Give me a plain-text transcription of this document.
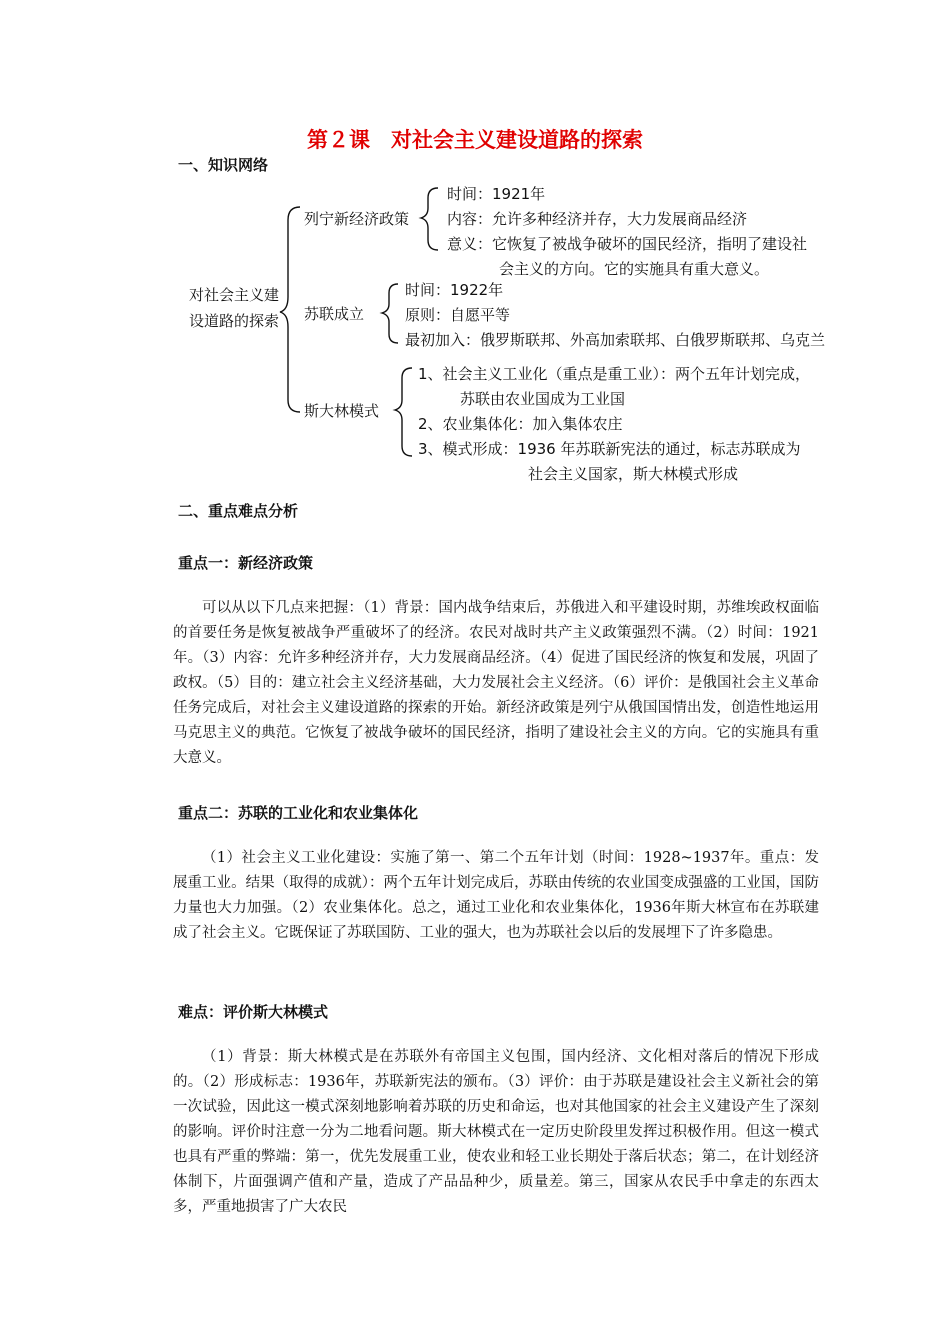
第２课　对社会主义建设道路的探索
一、知识网络
对社会主义建设道路的探索
列宁新经济政策
时间：1921年
内容：允许多种经济并存，大力发展商品经济
意义：它恢复了被战争破坏的国民经济，指明了建设社
会主义的方向。它的实施具有重大意义。
苏联成立
时间：1922年
原则：自愿平等
最初加入：俄罗斯联邦、外高加索联邦、白俄罗斯联邦、乌克兰
斯大林模式
1、社会主义工业化（重点是重工业）：两个五年计划完成，
苏联由农业国成为工业国
2、农业集体化：加入集体农庄
3、模式形成：1936 年苏联新宪法的通过，标志苏联成为
社会主义国家，斯大林模式形成
二、重点难点分析
重点一：新经济政策
可以从以下几点来把握：（1）背景：国内战争结束后，苏俄进入和平建设时期，苏维埃政权面临的首要任务是恢复被战争严重破坏了的经济。农民对战时共产主义政策强烈不满。（2）时间：1921年。（3）内容：允许多种经济并存，大力发展商品经济。（4）促进了国民经济的恢复和发展，巩固了政权。（5）目的：建立社会主义经济基础，大力发展社会主义经济。（6）评价：是俄国社会主义革命任务完成后，对社会主义建设道路的探索的开始。新经济政策是列宁从俄国国情出发，创造性地运用马克思主义的典范。它恢复了被战争破坏的国民经济，指明了建设社会主义的方向。它的实施具有重大意义。
重点二：苏联的工业化和农业集体化
（1）社会主义工业化建设：实施了第一、第二个五年计划（时间：1928~1937年。重点：发展重工业。结果（取得的成就）：两个五年计划完成后，苏联由传统的农业国变成强盛的工业国，国防力量也大力加强。（2）农业集体化。总之，通过工业化和农业集体化，1936年斯大林宣布在苏联建成了社会主义。它既保证了苏联国防、工业的强大，也为苏联社会以后的发展埋下了许多隐患。
难点：评价斯大林模式
（1）背景：斯大林模式是在苏联外有帝国主义包围，国内经济、文化相对落后的情况下形成的。（2）形成标志：1936年，苏联新宪法的颁布。（3）评价：由于苏联是建设社会主义新社会的第一次试验，因此这一模式深刻地影响着苏联的历史和命运，也对其他国家的社会主义建设产生了深刻的影响。评价时注意一分为二地看问题。斯大林模式在一定历史阶段里发挥过积极作用。但这一模式也具有严重的弊端：第一，优先发展重工业，使农业和轻工业长期处于落后状态；第二，在计划经济体制下，片面强调产值和产量，造成了产品品种少，质量差。第三，国家从农民手中拿走的东西太多，严重地损害了广大农民
